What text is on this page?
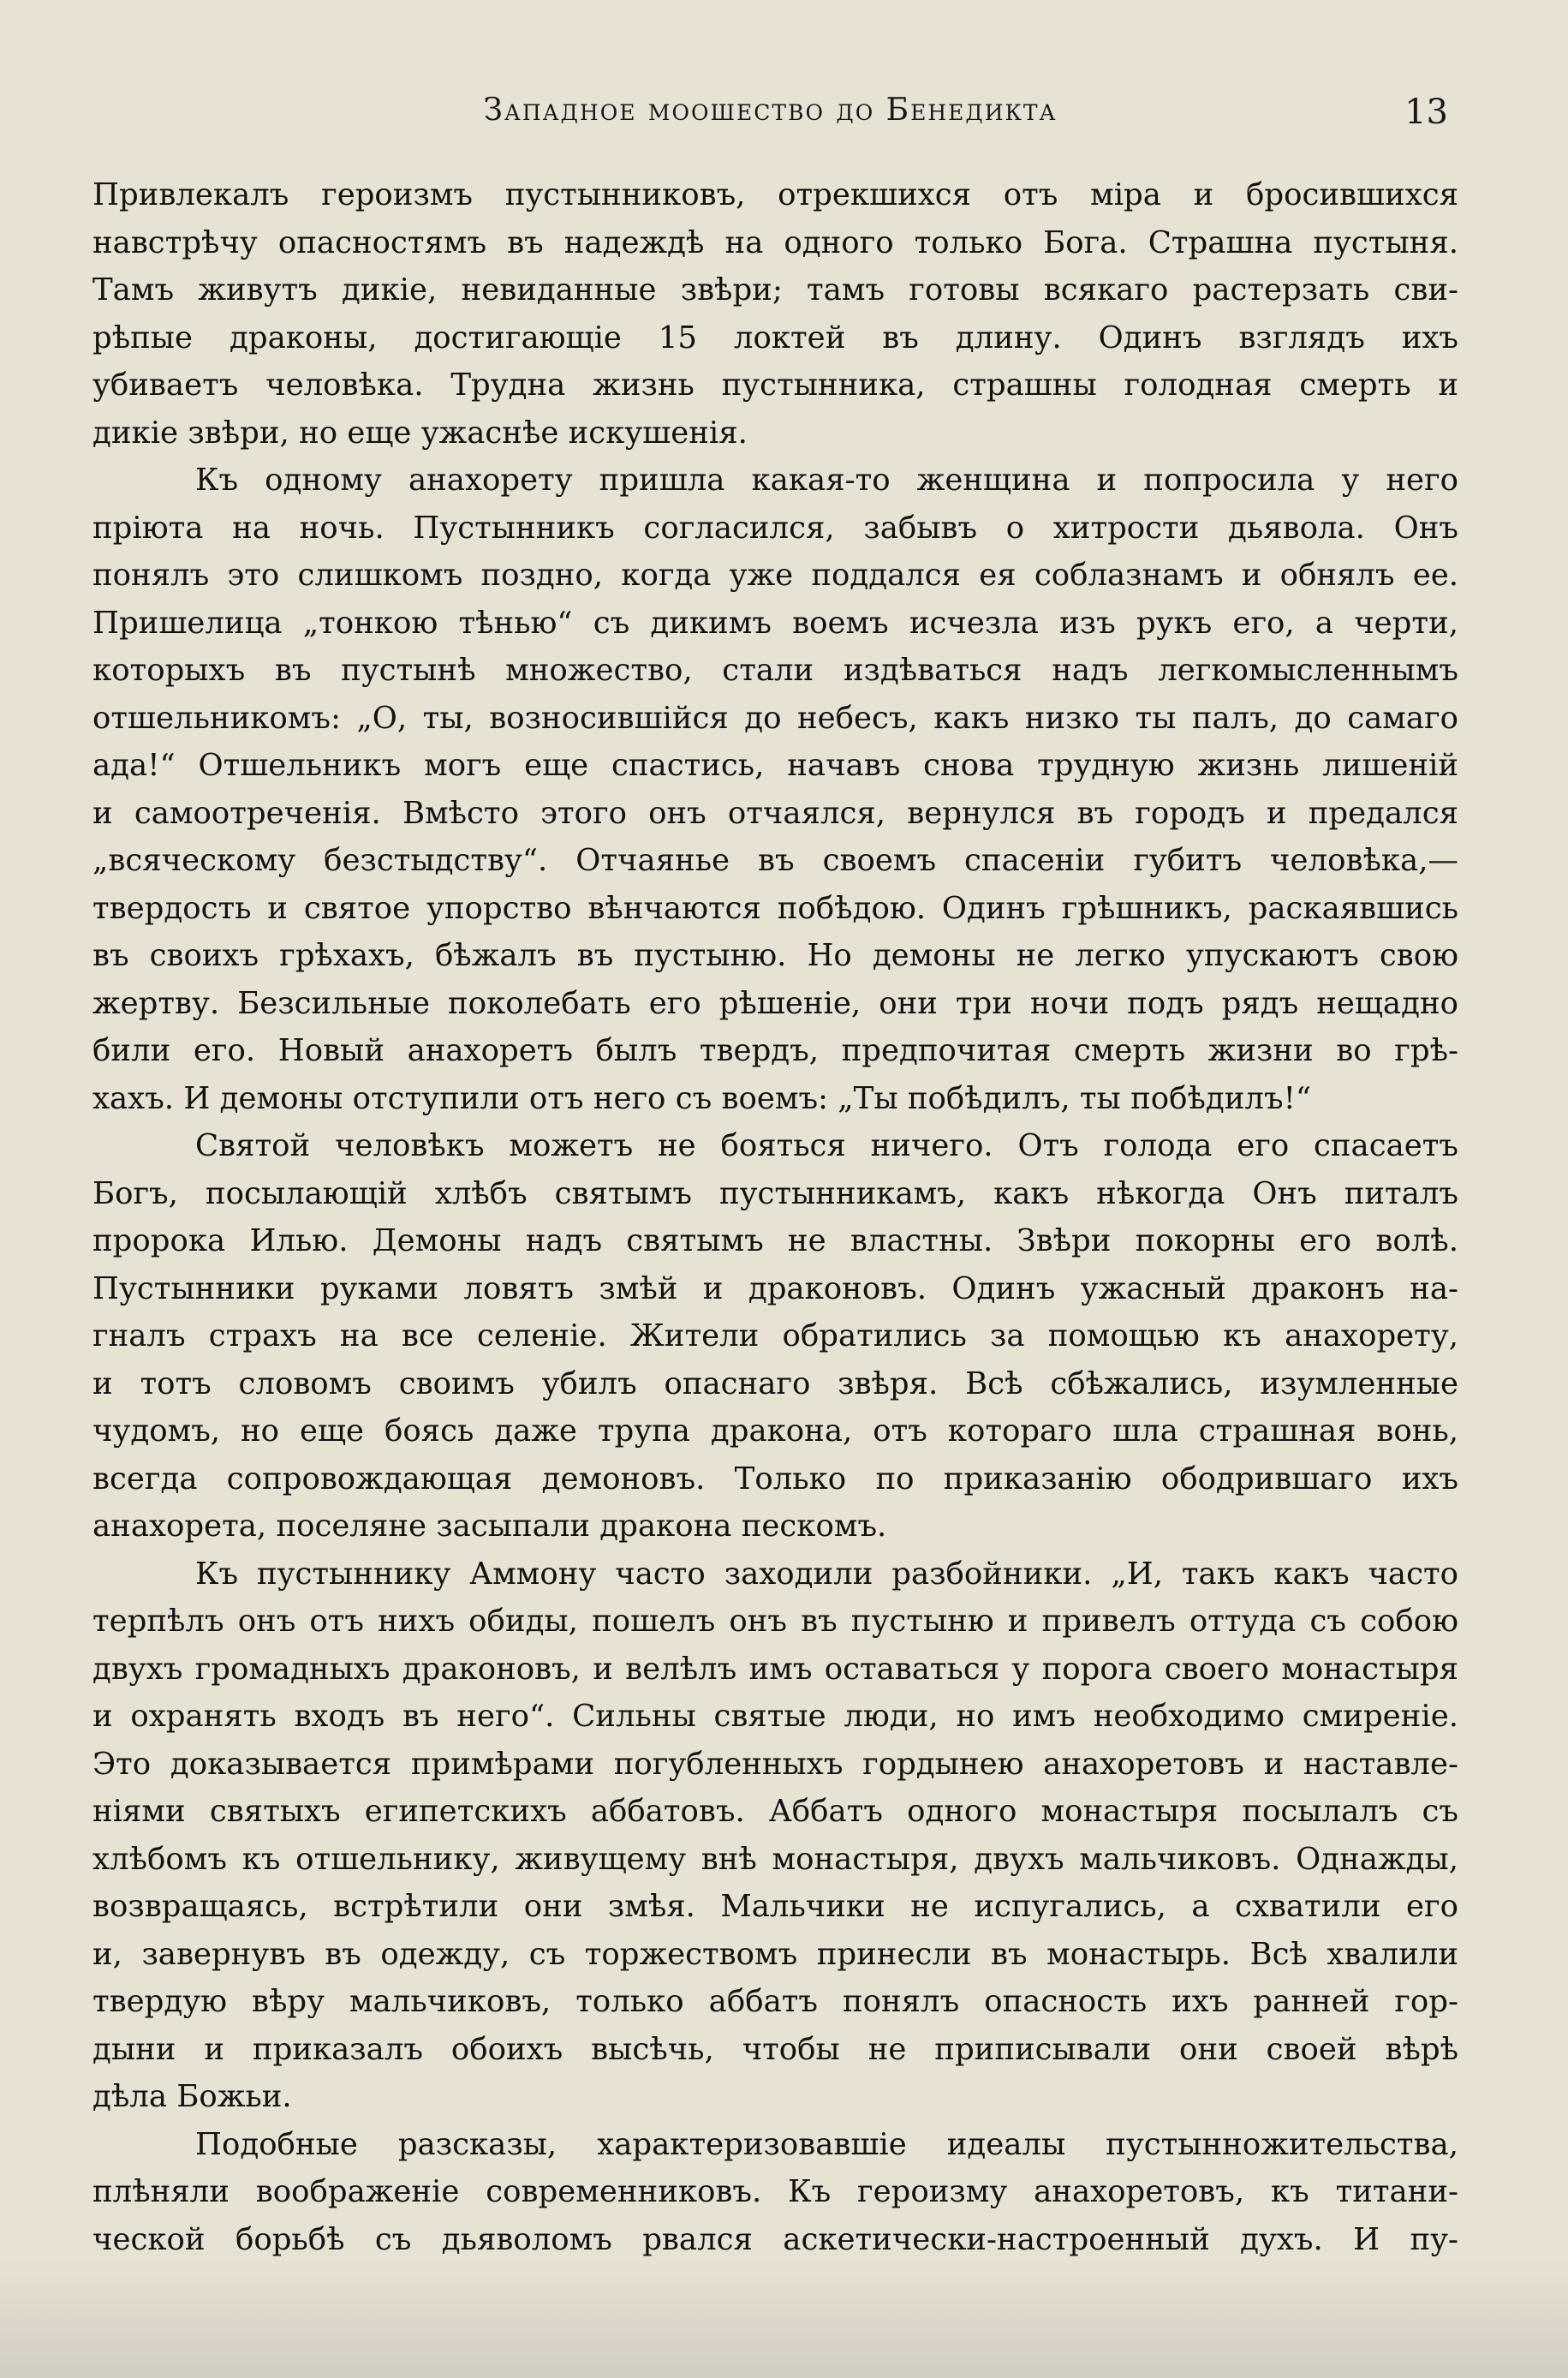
Западное моошество до Бенедикта	13
Привлекалъ героизмъ пустынниковъ, отрекшихся отъ міра и бросившихся
навстрѣчу опасностямъ въ надеждѣ на одного только Бога. Страшна пустыня.
Тамъ живутъ дикіе, невиданные звѣри; тамъ готовы всякаго растерзать сви-
рѣпые драконы, достигающіе 15 локтей въ длину. Одинъ взглядъ ихъ
убиваетъ человѣка. Трудна жизнь пустынника, страшны голодная смерть и
дикіе звѣри, но еще ужаснѣе искушенія.
Къ одному анахорету пришла какая-то женщина и попросила у него
пріюта на ночь. Пустынникъ согласился, забывъ о хитрости дьявола. Онъ
понялъ это слишкомъ поздно, когда уже поддался ея соблазнамъ и обнялъ ее.
Пришелица „тонкою тѣнью“ съ дикимъ воемъ исчезла изъ рукъ его, а черти,
которыхъ въ пустынѣ множество, стали издѣваться надъ легкомысленнымъ
отшельникомъ: „О, ты, возносившійся до небесъ, какъ низко ты палъ, до самаго
ада!“ Отшельникъ могъ еще спастись, начавъ снова трудную жизнь лишеній
и самоотреченія. Вмѣсто этого онъ отчаялся, вернулся въ городъ и предался
„всяческому безстыдству“. Отчаянье въ своемъ спасеніи губитъ человѣка,—
твердость и святое упорство вѣнчаются побѣдою. Одинъ грѣшникъ, раскаявшись
въ своихъ грѣхахъ, бѣжалъ въ пустыню. Но демоны не легко упускаютъ свою
жертву. Безсильные поколебать его рѣшеніе, они три ночи подъ рядъ нещадно
били его. Новый анахоретъ былъ твердъ, предпочитая смерть жизни во грѣ-
хахъ. И демоны отступили отъ него съ воемъ: „Ты побѣдилъ, ты побѣдилъ!“
Святой человѣкъ можетъ не бояться ничего. Отъ голода его спасаетъ
Богъ, посылающій хлѣбъ святымъ пустынникамъ, какъ нѣкогда Онъ питалъ
пророка Илью. Демоны надъ святымъ не властны. Звѣри покорны его волѣ.
Пустынники руками ловятъ змѣй и драконовъ. Одинъ ужасный драконъ на-
гналъ страхъ на все селеніе. Жители обратились за помощью къ анахорету,
и тотъ словомъ своимъ убилъ опаснаго звѣря. Всѣ сбѣжались, изумленные
чудомъ, но еще боясь даже трупа дракона, отъ котораго шла страшная вонь,
всегда сопровождающая демоновъ. Только по приказанію ободрившаго ихъ
анахорета, поселяне засыпали дракона пескомъ.
Къ пустыннику Аммону часто заходили разбойники. „И, такъ какъ часто
терпѣлъ онъ отъ нихъ обиды, пошелъ онъ въ пустыню и привелъ оттуда съ собою
двухъ громадныхъ драконовъ, и велѣлъ имъ оставаться у порога своего монастыря
и охранять входъ въ него“. Сильны святые люди, но имъ необходимо смиреніе.
Это доказывается примѣрами погубленныхъ гордынею анахоретовъ и наставле-
ніями святыхъ египетскихъ аббатовъ. Аббатъ одного монастыря посылалъ съ
хлѣбомъ къ отшельнику, живущему внѣ монастыря, двухъ мальчиковъ. Однажды,
возвращаясь, встрѣтили они змѣя. Мальчики не испугались, а схватили его
и, завернувъ въ одежду, съ торжествомъ принесли въ монастырь. Всѣ хвалили
твердую вѣру мальчиковъ, только аббатъ понялъ опасность ихъ ранней гор-
дыни и приказалъ обоихъ высѣчь, чтобы не приписывали они своей вѣрѣ
дѣла Божьи.
Подобные разсказы, характеризовавшіе идеалы пустынножительства,
плѣняли воображеніе современниковъ. Къ героизму анахоретовъ, къ титани-
ческой борьбѣ съ дьяволомъ рвался аскетически-настроенный духъ. И пу-
